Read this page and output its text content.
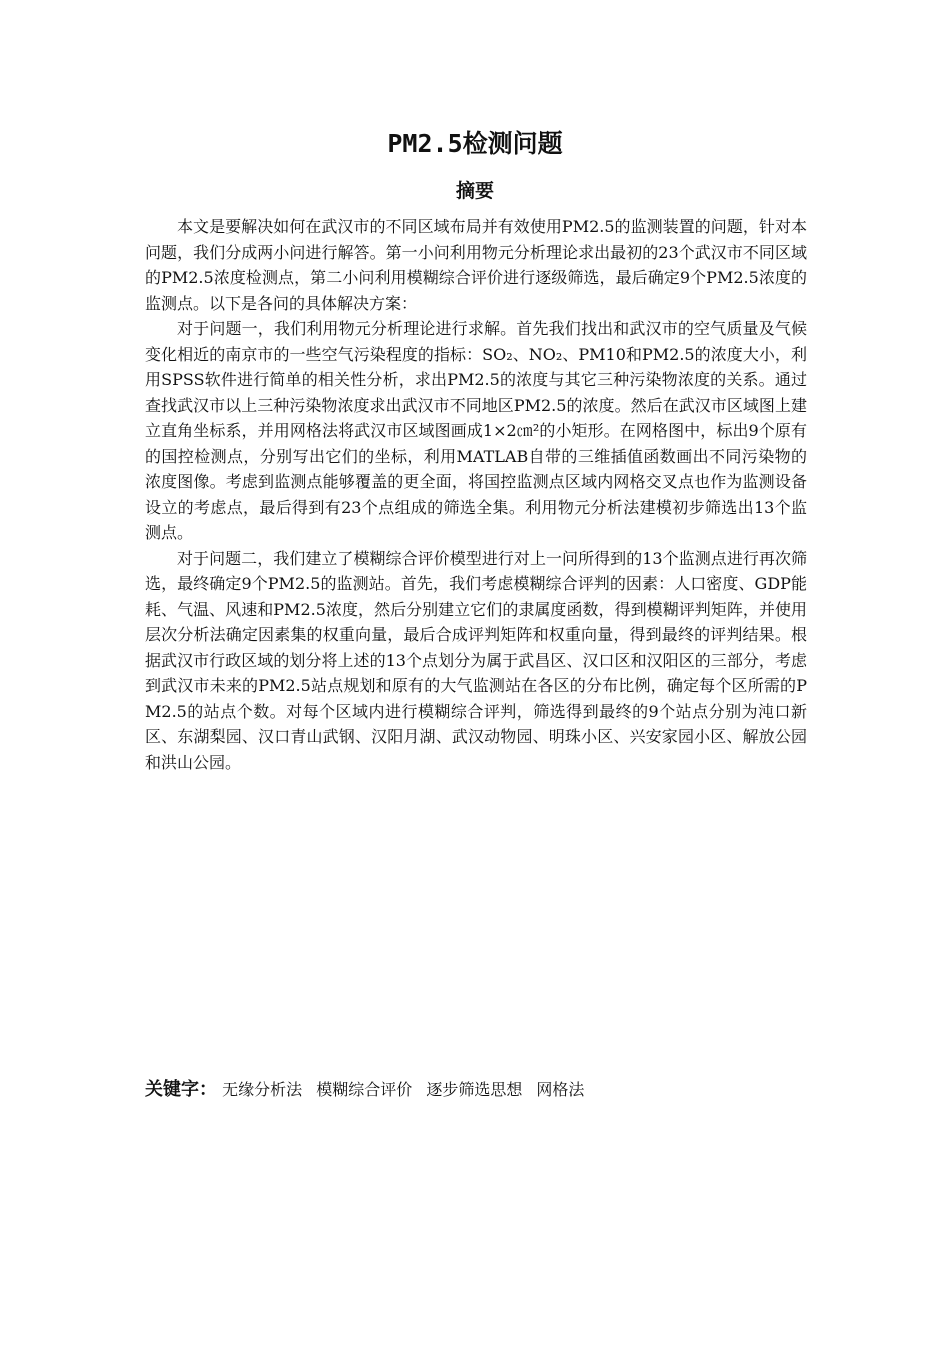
PM2.5检测问题
摘要

本文是要解决如何在武汉市的不同区域布局并有效使用PM2.5的监测装置的问题，针对本问题，我们分成两小问进行解答。第一小问利用物元分析理论求出最初的23个武汉市不同区域的PM2.5浓度检测点，第二小问利用模糊综合评价进行逐级筛选，最后确定9个PM2.5浓度的监测点。以下是各问的具体解决方案：

对于问题一，我们利用物元分析理论进行求解。首先我们找出和武汉市的空气质量及气候变化相近的南京市的一些空气污染程度的指标：SO₂、NO₂、PM10和PM2.5的浓度大小，利用SPSS软件进行简单的相关性分析，求出PM2.5的浓度与其它三种污染物浓度的关系。通过查找武汉市以上三种污染物浓度求出武汉市不同地区PM2.5的浓度。然后在武汉市区域图上建立直角坐标系，并用网格法将武汉市区域图画成1×2㎝²的小矩形。在网格图中，标出9个原有的国控检测点，分别写出它们的坐标，利用MATLAB自带的三维插值函数画出不同污染物的浓度图像。考虑到监测点能够覆盖的更全面，将国控监测点区域内网格交叉点也作为监测设备设立的考虑点，最后得到有23个点组成的筛选全集。利用物元分析法建模初步筛选出13个监测点。

对于问题二，我们建立了模糊综合评价模型进行对上一问所得到的13个监测点进行再次筛选，最终确定9个PM2.5的监测站。首先，我们考虑模糊综合评判的因素：人口密度、GDP能耗、气温、风速和PM2.5浓度，然后分别建立它们的隶属度函数，得到模糊评判矩阵，并使用层次分析法确定因素集的权重向量，最后合成评判矩阵和权重向量，得到最终的评判结果。根据武汉市行政区域的划分将上述的13个点划分为属于武昌区、汉口区和汉阳区的三部分，考虑到武汉市未来的PM2.5站点规划和原有的大气监测站在各区的分布比例，确定每个区所需的PM2.5的站点个数。对每个区域内进行模糊综合评判，筛选得到最终的9个站点分别为沌口新区、东湖梨园、汉口青山武钢、汉阳月湖、武汉动物园、明珠小区、兴安家园小区、解放公园和洪山公园。

关键字： 无缘分析法 模糊综合评价 逐步筛选思想 网格法
